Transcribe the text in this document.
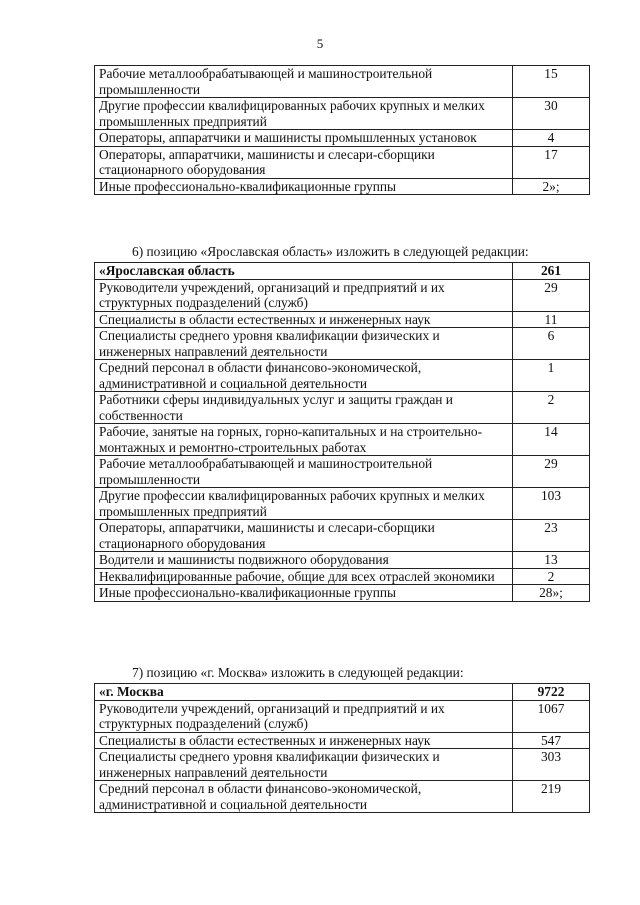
5
Рабочие металлообрабатывающей и машиностроительной промышленности	15
Другие профессии квалифицированных рабочих крупных и мелких промышленных предприятий	30
Операторы, аппаратчики и машинисты промышленных установок	4
Операторы, аппаратчики, машинисты и слесари-сборщики стационарного оборудования	17
Иные профессионально-квалификационные группы	2»;
6) позицию «Ярославская область» изложить в следующей редакции:
«Ярославская область	261
Руководители учреждений, организаций и предприятий и их структурных подразделений (служб)	29
Специалисты в области естественных и инженерных наук	11
Специалисты среднего уровня квалификации физических и инженерных направлений деятельности	6
Средний персонал в области финансово-экономической, административной и социальной деятельности	1
Работники сферы индивидуальных услуг и защиты граждан и собственности	2
Рабочие, занятые на горных, горно-капитальных и на строительно-монтажных и ремонтно-строительных работах	14
Рабочие металлообрабатывающей и машиностроительной промышленности	29
Другие профессии квалифицированных рабочих крупных и мелких промышленных предприятий	103
Операторы, аппаратчики, машинисты и слесари-сборщики стационарного оборудования	23
Водители и машинисты подвижного оборудования	13
Неквалифицированные рабочие, общие для всех отраслей экономики	2
Иные профессионально-квалификационные группы	28»;
7) позицию «г. Москва» изложить в следующей редакции:
«г. Москва	9722
Руководители учреждений, организаций и предприятий и их структурных подразделений (служб)	1067
Специалисты в области естественных и инженерных наук	547
Специалисты среднего уровня квалификации физических и инженерных направлений деятельности	303
Средний персонал в области финансово-экономической, административной и социальной деятельности	219
